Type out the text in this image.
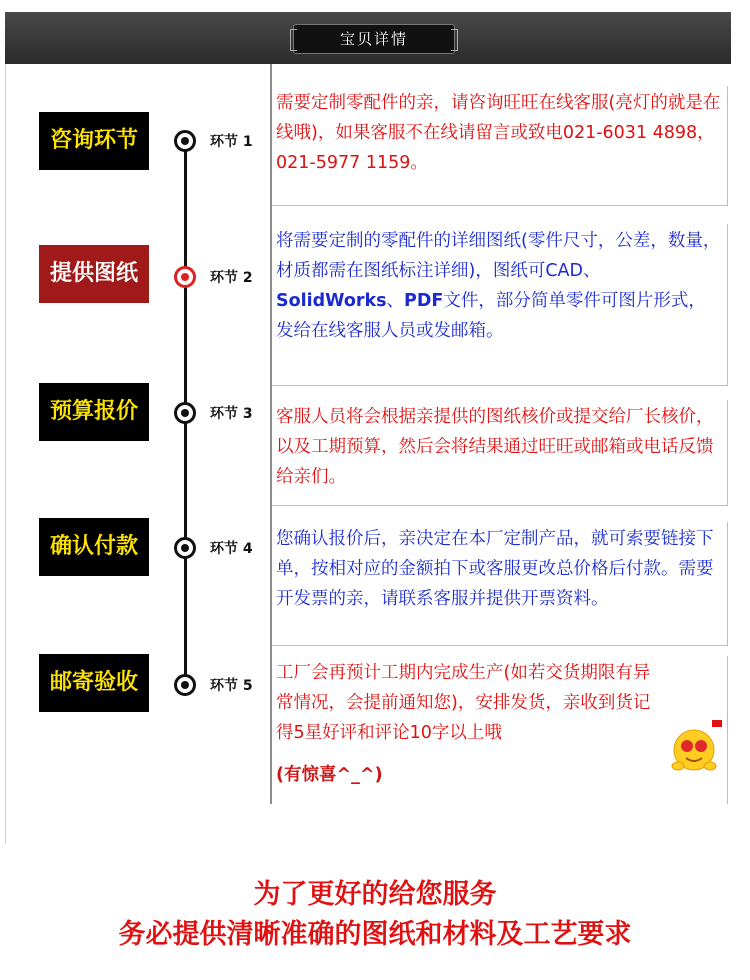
宝贝详情
咨询环节
提供图纸
预算报价
确认付款
邮寄验收
环节 1
环节 2
环节 3
环节 4
环节 5
需要定制零配件的亲，请咨询旺旺在线客服(亮灯的就是在线哦)，如果客服不在线请留言或致电021-6031 4898，021-5977 1159。
将需要定制的零配件的详细图纸(零件尺寸，公差，数量，材质都需在图纸标注详细)，图纸可CAD、SolidWorks、PDF文件，部分简单零件可图片形式，发给在线客服人员或发邮箱。
客服人员将会根据亲提供的图纸核价或提交给厂长核价，以及工期预算，然后会将结果通过旺旺或邮箱或电话反馈给亲们。
您确认报价后，亲决定在本厂定制产品，就可索要链接下单，按相对应的金额拍下或客服更改总价格后付款。需要开发票的亲，请联系客服并提供开票资料。
工厂会再预计工期内完成生产(如若交货期限有异常情况，会提前通知您)，安排发货，亲收到货记得5星好评和评论10字以上哦
(有惊喜^_^)
为了更好的给您服务
务必提供清晰准确的图纸和材料及工艺要求
